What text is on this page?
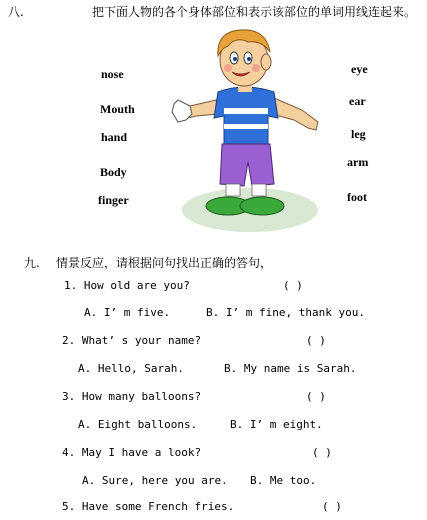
八.	把下面人物的各个身体部位和表示该部位的单词用线连起来。
nose
Mouth
hand
Body
finger
eye
ear
leg
arm
foot
九. 情景反应，请根据问句找出正确的答句，
1. How old are you?	( )
A. I’ m five.	B. I’ m fine, thank you.
2. What’ s your name?	( )
A. Hello, Sarah.	B. My name is Sarah.
3. How many balloons?	( )
A. Eight balloons.	B. I’ m eight.
4. May I have a look?	( )
A. Sure, here you are. B. Me too.
5. Have some French fries.	( )
